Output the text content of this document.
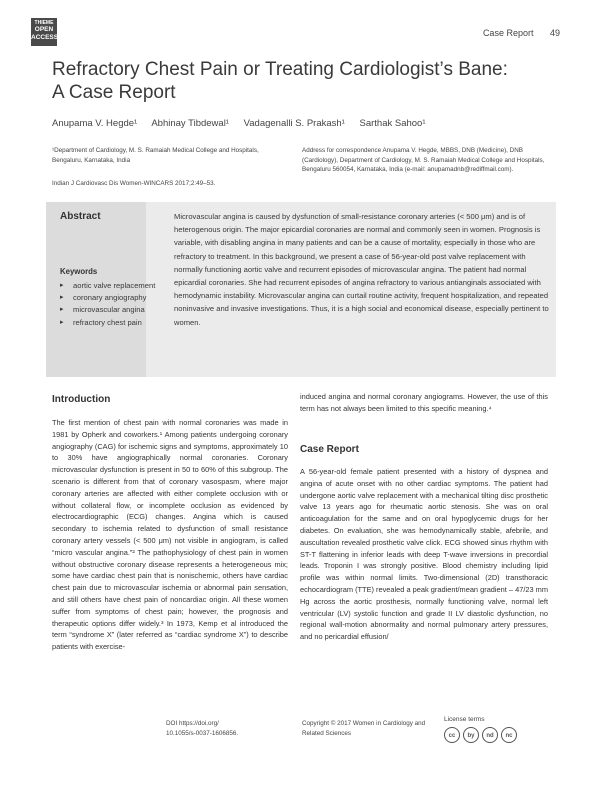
THIEME
OPEN
ACCESS	Case Report 49
Refractory Chest Pain or Treating Cardiologist’s Bane: A Case Report
Anupama V. Hegde¹ Abhinay Tibdewal¹ Vadagenalli S. Prakash¹ Sarthak Sahoo¹
¹Department of Cardiology, M. S. Ramaiah Medical College and Hospitals, Bengaluru, Karnataka, India
Indian J Cardiovasc Dis Women-WINCARS 2017;2:49–53.
Address for correspondence Anupama V. Hegde, MBBS, DNB (Medicine), DNB (Cardiology), Department of Cardiology, M. S. Ramaiah Medical College and Hospitals, Bengaluru 560054, Karnataka, India (e-mail: anupamadnb@rediffmail.com).
Abstract	Microvascular angina is caused by dysfunction of small-resistance coronary arteries (< 500 μm) and is of heterogenous origin. The major epicardial coronaries are normal and commonly seen in women. Prognosis is variable, with disabling angina in many patients and can be a cause of mortality, especially in those who are refractory to treatment. In this background, we present a case of 56-year-old post valve replacement with normally functioning aortic valve and recurrent episodes of microvascular angina. The patient had normal epicardial coronaries. She had recurrent episodes of angina refractory to various antianginals associated with hemodynamic instability. Microvascular angina can curtail routine activity, frequent hospitalization, and repeated noninvasive and invasive investigations. Thus, it is a high social and economical disease, especially pertinent to women.
Keywords
▸ aortic valve replacement
▸ coronary angiography
▸ microvascular angina
▸ refractory chest pain
Introduction
The first mention of chest pain with normal coronaries was made in 1981 by Opherk and coworkers.¹ Among patients undergoing coronary angiography (CAG) for ischemic signs and symptoms, approximately 10 to 30% have angiographically normal coronaries. Coronary microvascular dysfunction is present in 50 to 60% of this subgroup. The scenario is different from that of coronary vasospasm, where major coronary arteries are affected with either complete occlusion with or without collateral flow, or incomplete occlusion as evidenced by electrocardiographic (ECG) changes. Angina which is caused secondary to ischemia related to dysfunction of small resistance coronary artery vessels (< 500 μm) not visible in angiogram, is called “micro vascular angina.”² The pathophysiology of chest pain in women without obstructive coronary disease represents a heterogeneous mix; some have cardiac chest pain that is nonischemic, others have cardiac chest pain due to microvascular ischemia or abnormal pain sensation, and still others have chest pain of noncardiac origin. All these women suffer from symptoms of chest pain; however, the prognosis and therapeutic options differ widely.³ In 1973, Kemp et al introduced the term “syndrome X” (later referred as “cardiac syndrome X”) to describe patients with exercise-
induced angina and normal coronary angiograms. However, the use of this term has not always been limited to this specific meaning.⁴
Case Report
A 56-year-old female patient presented with a history of dyspnea and angina of acute onset with no other cardiac symptoms. The patient had undergone aortic valve replacement with a mechanical tilting disc prosthetic valve 13 years ago for rheumatic aortic stenosis. She was on oral anticoagulation for the same and on oral hypoglycemic drugs for her diabetes. On evaluation, she was hemodynamically stable, afebrile, and auscultation revealed prosthetic valve click. ECG showed sinus rhythm with ST-T flattening in inferior leads with deep T-wave inversions in precordial leads. Troponin I was strongly positive. Blood chemistry including lipid profile was within normal limits. Two-dimensional (2D) transthoracic echocardiogram (TTE) revealed a peak gradient/mean gradient – 47/23 mm Hg across the aortic prosthesis, normally functioning valve, normal left ventricular (LV) systolic function and grade II LV diastolic dysfunction, no regional wall-motion abnormality and normal pulmonary artery pressures, and no pericardial effusion/
DOI https://doi.org/
10.1055/s-0037-1606856.
Copyright © 2017 Women in Cardiology and Related Sciences
License terms
cc	by	nd	nc
